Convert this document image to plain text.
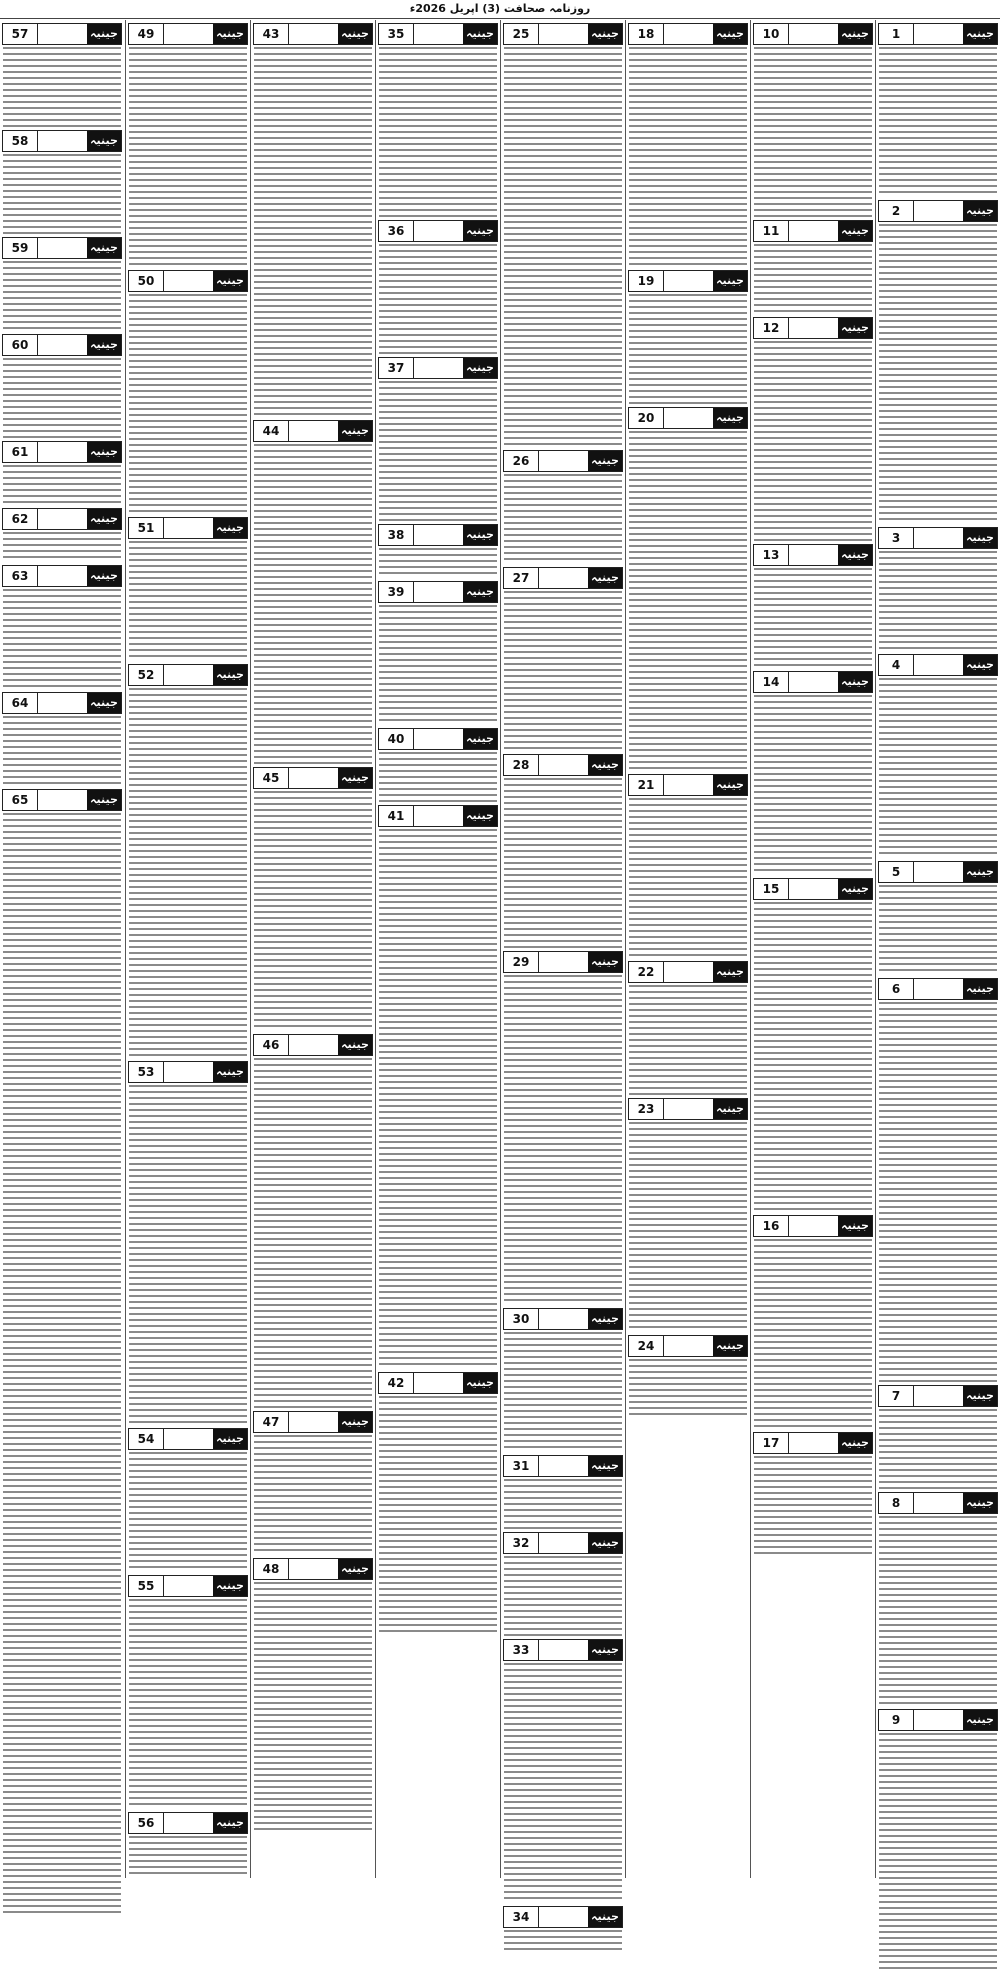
روزنامہ صحافت (3) اپریل 2026ء
1	جینیہ
2	جینیہ
3	جینیہ
4	جینیہ
5	جینیہ
6	جینیہ
7	جینیہ
8	جینیہ
9	جینیہ
10	جینیہ
11	جینیہ
12	جینیہ
13	جینیہ
14	جینیہ
15	جینیہ
16	جینیہ
17	جینیہ
18	جینیہ
19	جینیہ
20	جینیہ
21	جینیہ
22	جینیہ
23	جینیہ
24	جینیہ
25	جینیہ
26	جینیہ
27	جینیہ
28	جینیہ
29	جینیہ
30	جینیہ
31	جینیہ
32	جینیہ
33	جینیہ
34	جینیہ
35	جینیہ
36	جینیہ
37	جینیہ
38	جینیہ
39	جینیہ
40	جینیہ
41	جینیہ
42	جینیہ
43	جینیہ
44	جینیہ
45	جینیہ
46	جینیہ
47	جینیہ
48	جینیہ
49	جینیہ
50	جینیہ
51	جینیہ
52	جینیہ
53	جینیہ
54	جینیہ
55	جینیہ
56	جینیہ
57	جینیہ
58	جینیہ
59	جینیہ
60	جینیہ
61	جینیہ
62	جینیہ
63	جینیہ
64	جینیہ
65	جینیہ
